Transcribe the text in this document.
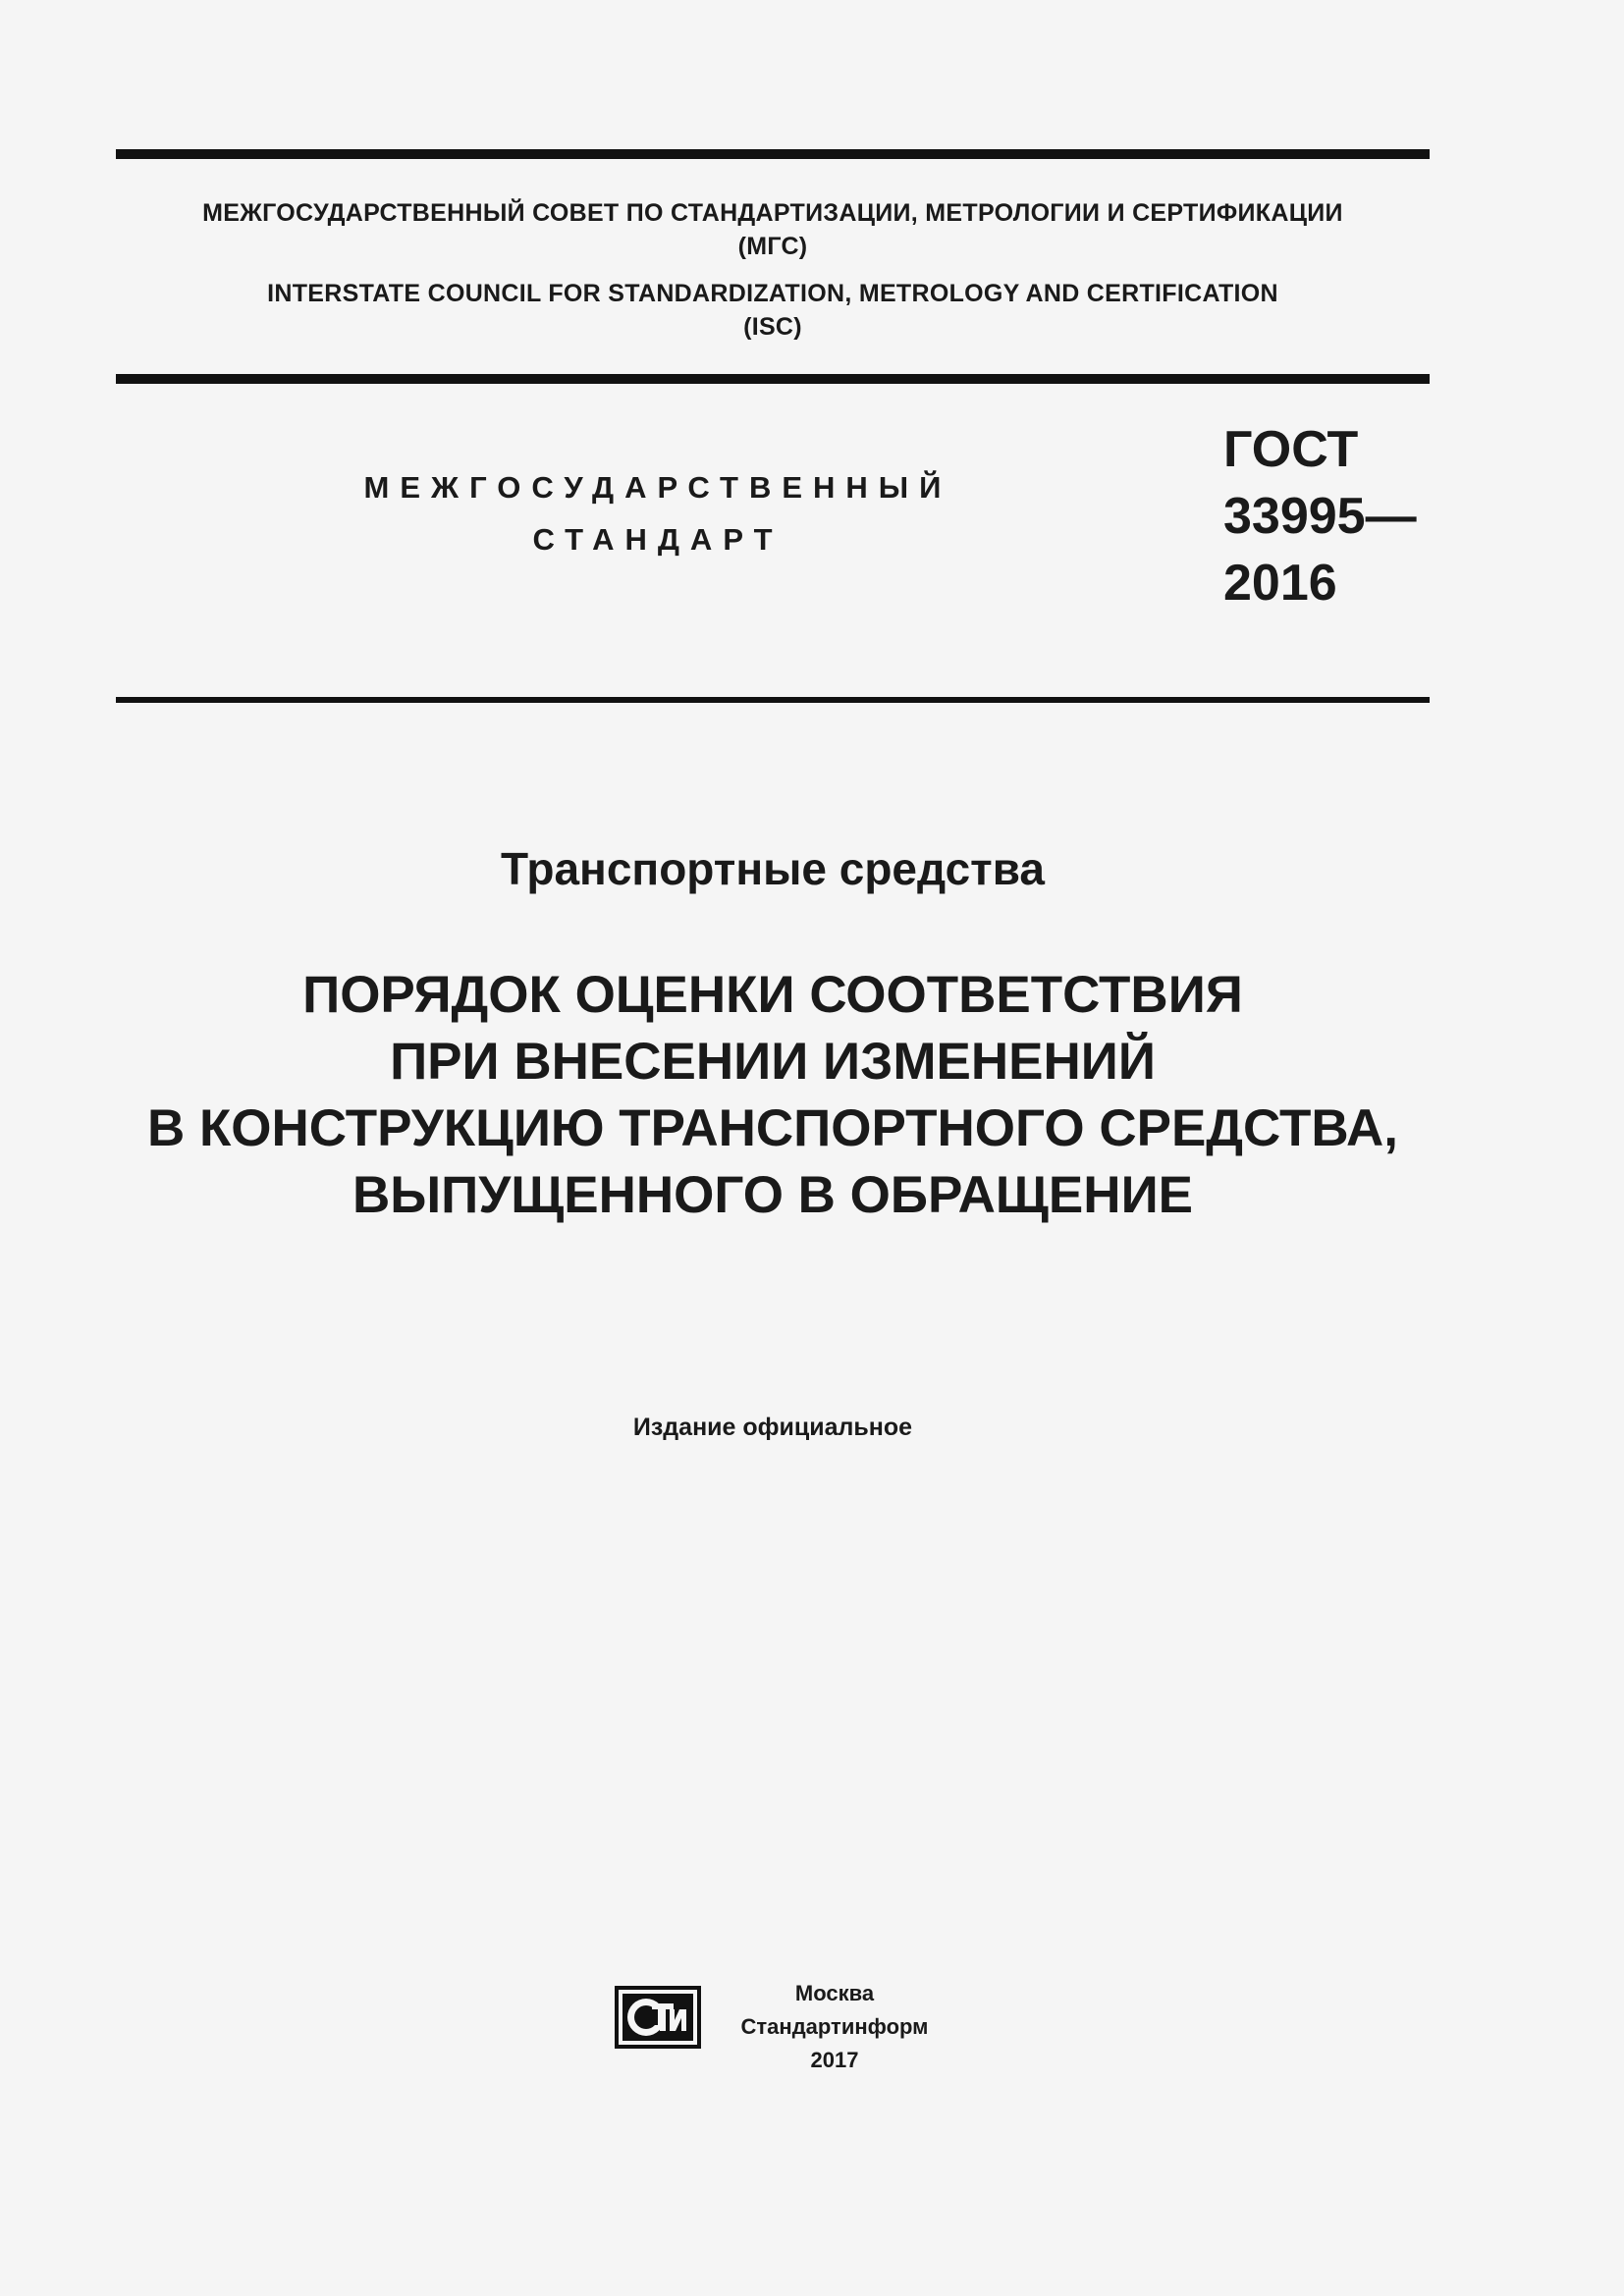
МЕЖГОСУДАРСТВЕННЫЙ СОВЕТ ПО СТАНДАРТИЗАЦИИ, МЕТРОЛОГИИ И СЕРТИФИКАЦИИ
(МГС)
INTERSTATE COUNCIL FOR STANDARDIZATION, METROLOGY AND CERTIFICATION
(ISC)
МЕЖГОСУДАРСТВЕННЫЙ
СТАНДАРТ
ГОСТ
33995—
2016
Транспортные средства
ПОРЯДОК ОЦЕНКИ СООТВЕТСТВИЯ
ПРИ ВНЕСЕНИИ ИЗМЕНЕНИЙ
В КОНСТРУКЦИЮ ТРАНСПОРТНОГО СРЕДСТВА,
ВЫПУЩЕННОГО В ОБРАЩЕНИЕ
Издание официальное
СТИ
Москва
Стандартинформ
2017
